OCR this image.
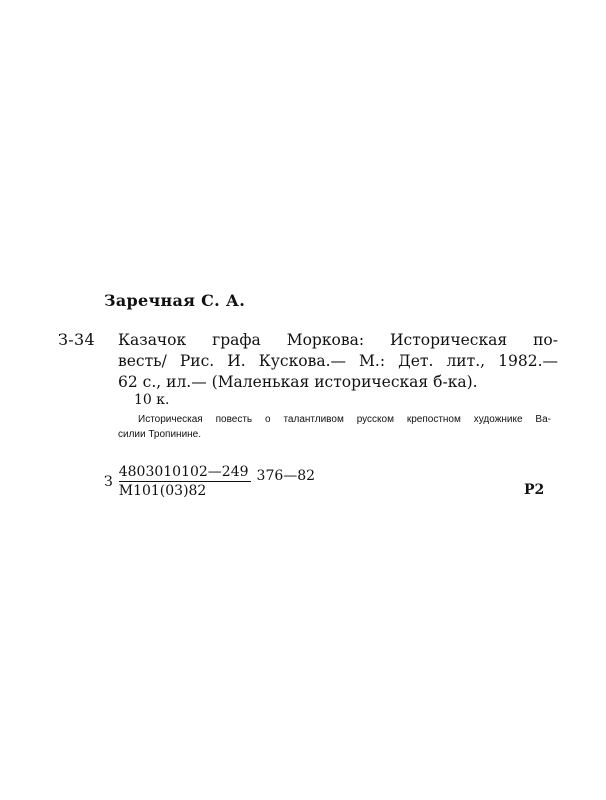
Заречная С. А.
З-34 Казачок графа Моркова: Историческая по-
весть/ Рис. И. Кускова.— М.: Дет. лит., 1982.—
62 с., ил.— (Маленькая историческая б-ка).

10 к.

Историческая повесть о талантливом русском крепостном художнике Ва-
силии Тропинине.

З $\frac{4803010102—249}{М101(03)82}$ 376—82
Р2
